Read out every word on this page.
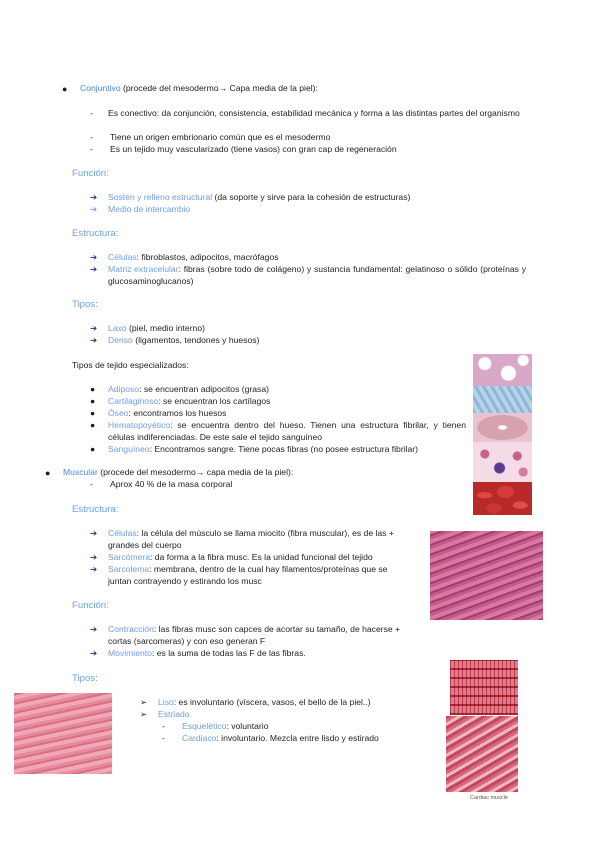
● Conjuntivo (procede del mesodermo→ Capa media de la piel):
- Es conectivo: da conjunción, consistencia, estabilidad mecánica y forma a las distintas partes del organismo
- Tiene un origen embrionario común que es el mesodermo
- Es un tejido muy vascularizado (tiene vasos) con gran cap de regeneración
Función:
➔ Sostén y relleno estructural (da soporte y sirve para la cohesión de estructuras)
➔ Medio de intercambio
Estructura:
➔ Células: fibroblastos, adipocitos, macrófagos
➔	Matriz extracelular: fibras (sobre todo de colágeno) y sustancia fundamental: gelatinoso o sólido (proteínas y glucosaminoglucanos)
Tipos:
➔ Laxo (piel, medio interno)
➔ Denso (ligamentos, tendones y huesos)
Tipos de tejido especializados:
● Adiposo: se encuentran adipocitos (grasa)
● Cartilaginoso: se encuentran los cartílagos
● Óseo: encontramos los huesos
● Hematopoyético: se encuentra dentro del hueso. Tienen una estructura fibrilar, y tienen células indiferenciadas. De este sale el tejido sanguíneo
● Sanguíneo: Encontramos sangre. Tiene pocas fibras (no posee estructura fibrilar)
● Muscular (procede del mesodermo→ capa media de la piel):
- Aprox 40 % de la masa corporal
Estructura:
➔	Células: la célula del músculo se llama miocito (fibra muscular), es de las + grandes del cuerpo
➔ Sarcómera: da forma a la fibra musc. Es la unidad funcional del tejido
➔	Sarcolema: membrana, dentro de la cual hay filamentos/proteínas que se juntan contrayendo y estirando los musc
Función:
➔	Contracción: las fibras musc son capces de acortar su tamaño, de hacerse + cortas (sarcomeras) y con eso generan F
➔ Movimiento: es la suma de todas las F de las fibras.
Tipos:
➢ Liso: es involuntario (víscera, vasos, el bello de la piel..)
➢ Estriado
- Esquelético: voluntario
- Cardiaco: involuntario. Mezcla entre lisdo y estirado
Cardiac muscle
